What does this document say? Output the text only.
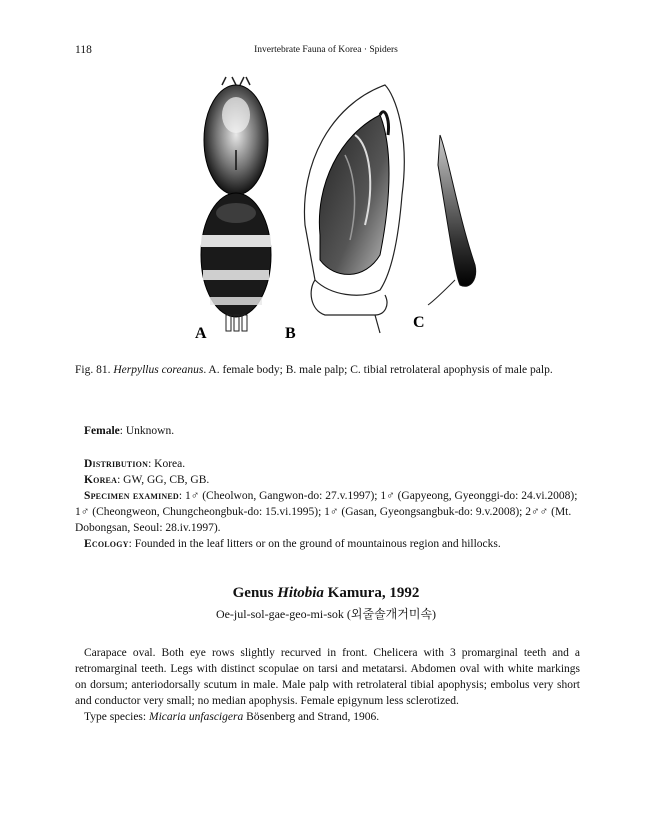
118	Invertebrate Fauna of Korea · Spiders
A	B
C
Fig. 81. Herpyllus coreanus. A. female body; B. male palp; C. tibial retrolateral apophysis of male palp.
Female: Unknown.
Distribution: Korea.
Korea: GW, GG, CB, GB.
Specimen examined: 1♂ (Cheolwon, Gangwon-do: 27.v.1997); 1♂ (Gapyeong, Gyeonggi-do: 24.vi.2008); 1♂ (Cheongweon, Chungcheongbuk-do: 15.vi.1995); 1♂ (Gasan, Gyeongsangbuk-do: 9.v.2008); 2♂♂ (Mt. Dobongsan, Seoul: 28.iv.1997).
Ecology: Founded in the leaf litters or on the ground of mountainous region and hillocks.
Genus Hitobia Kamura, 1992
Oe-jul-sol-gae-geo-mi-sok (외줄솔개거미속)
Carapace oval. Both eye rows slightly recurved in front. Chelicera with 3 promarginal teeth and a retromarginal teeth. Legs with distinct scopulae on tarsi and metatarsi. Abdomen oval with white markings on dorsum; anteriodorsally scutum in male. Male palp with retrolateral tibial apophysis; embolus very short and conductor very small; no median apophysis. Female epigynum less sclerotized.
Type species: Micaria unfascigera Bösenberg and Strand, 1906.
